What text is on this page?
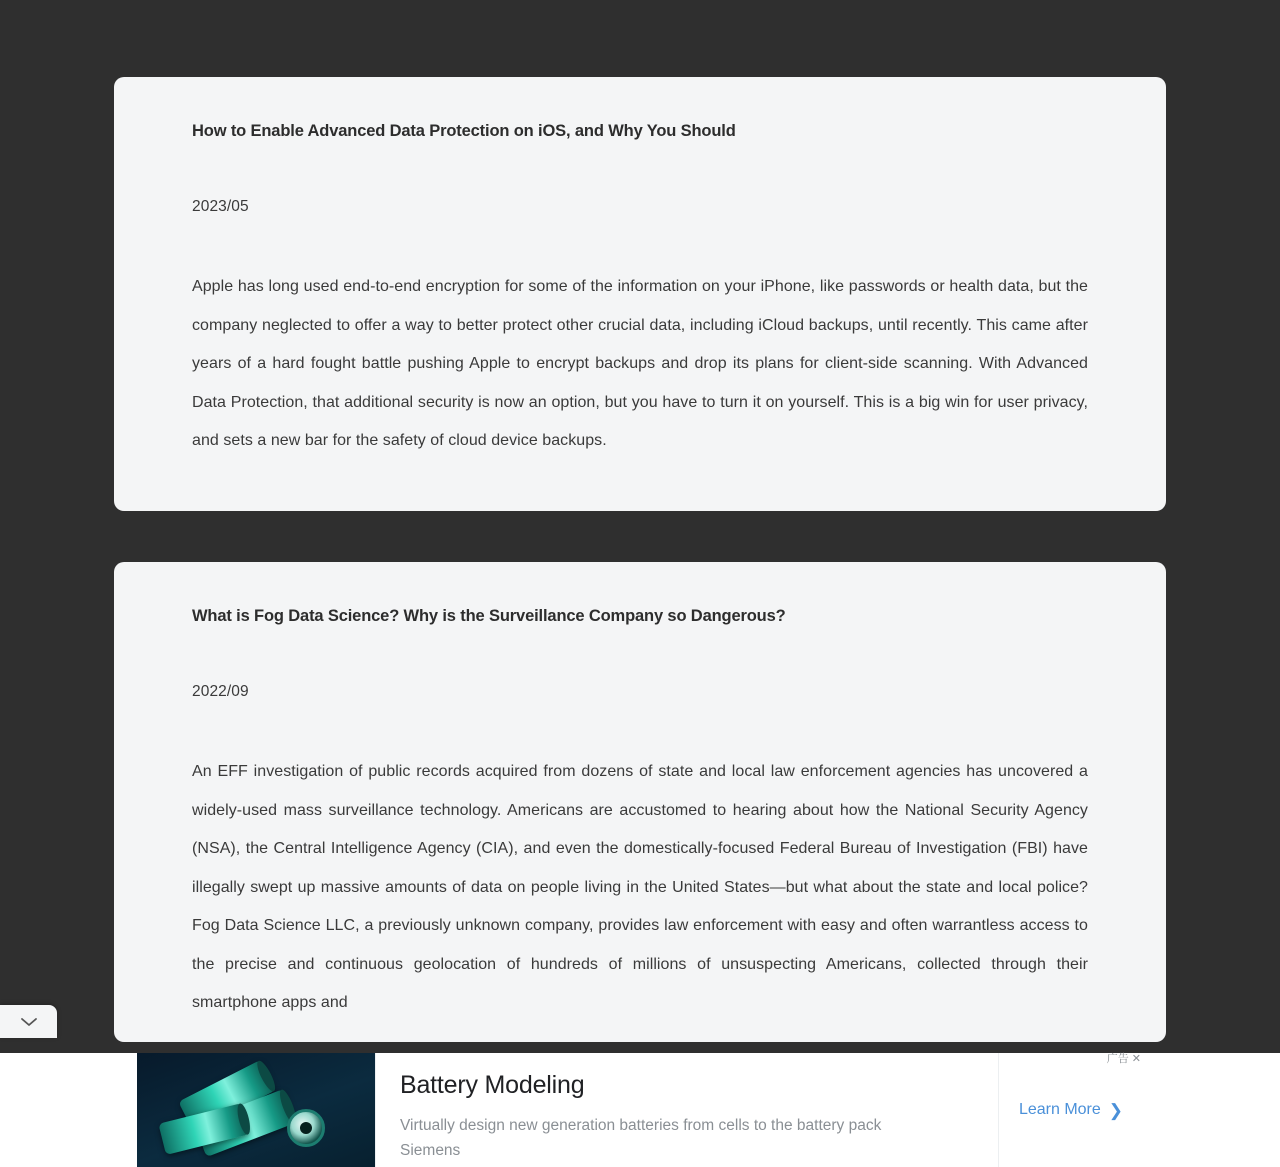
How to Enable Advanced Data Protection on iOS, and Why You Should
2023/05

Apple has long used end-to-end encryption for some of the information on your iPhone, like passwords or health data, but the company neglected to offer a way to better protect other crucial data, including iCloud backups, until recently. This came after years of a hard fought battle pushing Apple to encrypt backups and drop its plans for client-side scanning. With Advanced Data Protection, that additional security is now an option, but you have to turn it on yourself. This is a big win for user privacy, and sets a new bar for the safety of cloud device backups.

What is Fog Data Science? Why is the Surveillance Company so Dangerous?
2022/09

An EFF investigation of public records acquired from dozens of state and local law enforcement agencies has uncovered a widely-used mass surveillance technology. Americans are accustomed to hearing about how the National Security Agency (NSA), the Central Intelligence Agency (CIA), and even the domestically-focused Federal Bureau of Investigation (FBI) have illegally swept up massive amounts of data on people living in the United States—but what about the state and local police? Fog Data Science LLC, a previously unknown company, provides law enforcement with easy and often warrantless access to the precise and continuous geolocation of hundreds of millions of unsuspecting Americans, collected through their smartphone apps and

广告 ✕
Battery Modeling
Virtually design new generation batteries from cells to the battery pack
Siemens
Learn More ❯
